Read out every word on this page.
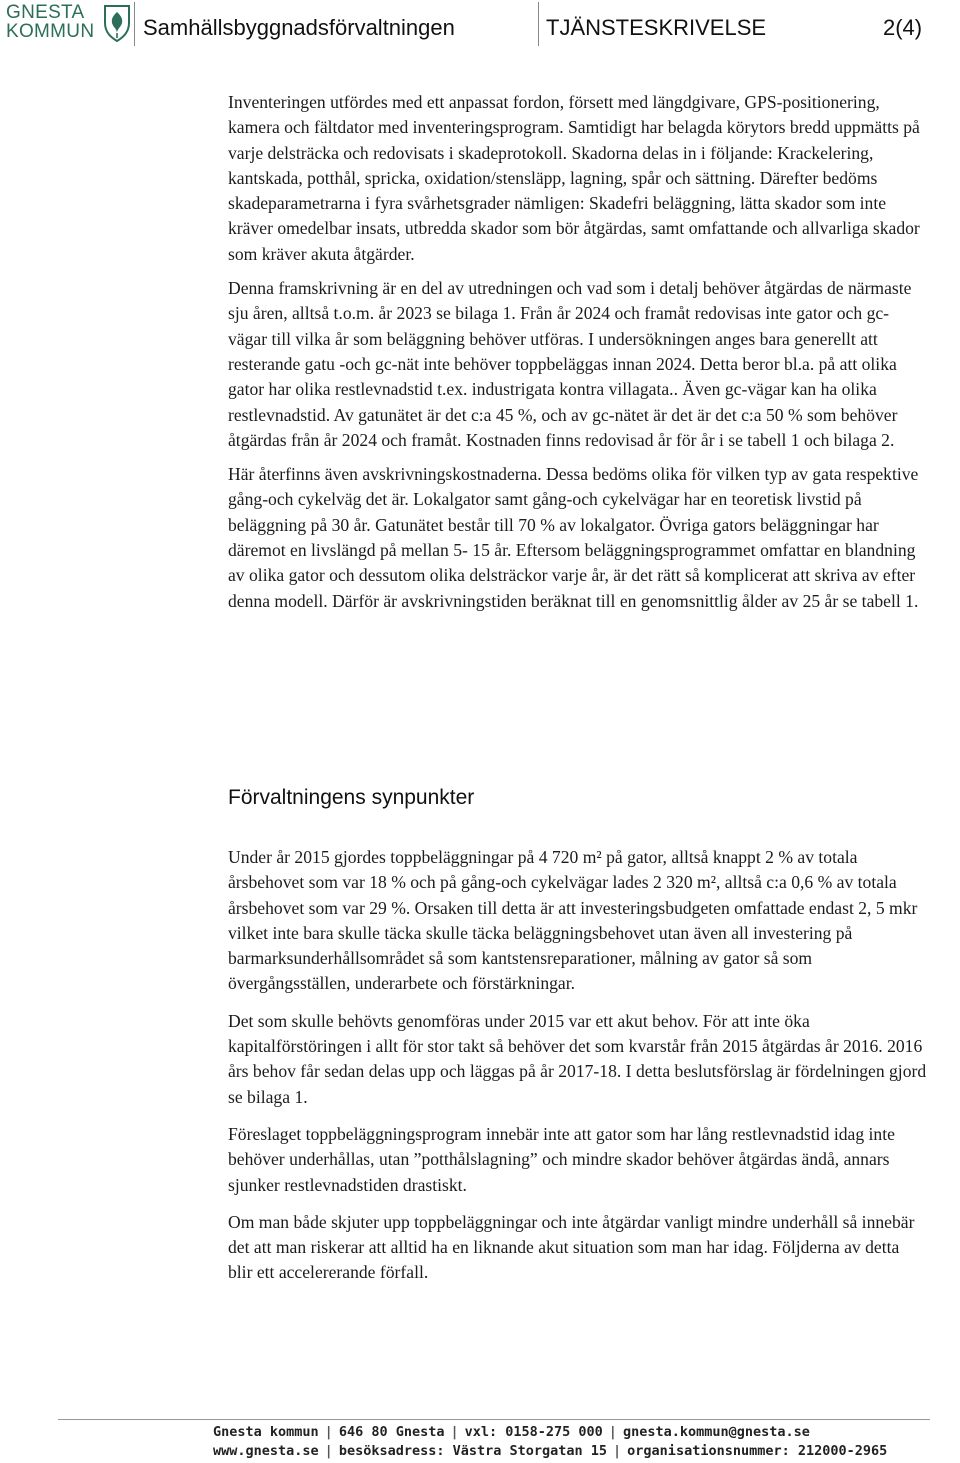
GNESTA
KOMMUN Samhällsbyggnadsförvaltningen	TJÄNSTESKRIVELSE	2(4)

Inventeringen utfördes med ett anpassat fordon, försett med längdgivare, GPS-positionering, kamera och fältdator med inventeringsprogram. Samtidigt har belagda körytors bredd uppmätts på varje delsträcka och redovisats i skadeprotokoll. Skadorna delas in i följande: Krackelering, kantskada, potthål, spricka, oxidation/stensläpp, lagning, spår och sättning. Därefter bedöms skadeparametrarna i fyra svårhetsgrader nämligen: Skadefri beläggning, lätta skador som inte kräver omedelbar insats, utbredda skador som bör åtgärdas, samt omfattande och allvarliga skador som kräver akuta åtgärder.

Denna framskrivning är en del av utredningen och vad som i detalj behöver åtgärdas de närmaste sju åren, alltså t.o.m. år 2023 se bilaga 1. Från år 2024 och framåt redovisas inte gator och gc-vägar till vilka år som beläggning behöver utföras. I undersökningen anges bara generellt att resterande gatu -och gc-nät inte behöver toppbeläggas innan 2024. Detta beror bl.a. på att olika gator har olika restlevnadstid t.ex. industrigata kontra villagata.. Även gc-vägar kan ha olika restlevnadstid. Av gatunätet är det c:a 45 %, och av gc-nätet är det är det c:a 50 % som behöver åtgärdas från år 2024 och framåt. Kostnaden finns redovisad år för år i se tabell 1 och bilaga 2.

Här återfinns även avskrivningskostnaderna. Dessa bedöms olika för vilken typ av gata respektive gång-och cykelväg det är. Lokalgator samt gång-och cykelvägar har en teoretisk livstid på beläggning på 30 år. Gatunätet består till 70 % av lokalgator. Övriga gators beläggningar har däremot en livslängd på mellan 5- 15 år. Eftersom beläggningsprogrammet omfattar en blandning av olika gator och dessutom olika delsträckor varje år, är det rätt så komplicerat att skriva av efter denna modell. Därför är avskrivningstiden beräknat till en genomsnittlig ålder av 25 år se tabell 1.

Förvaltningens synpunkter

Under år 2015 gjordes toppbeläggningar på 4 720 m² på gator, alltså knappt 2 % av totala årsbehovet som var 18 % och på gång-och cykelvägar lades 2 320 m², alltså c:a 0,6 % av totala årsbehovet som var 29 %. Orsaken till detta är att investeringsbudgeten omfattade endast 2, 5 mkr vilket inte bara skulle täcka skulle täcka beläggningsbehovet utan även all investering på barmarksunderhållsområdet så som kantstensreparationer, målning av gator så som övergångsställen, underarbete och förstärkningar.

Det som skulle behövts genomföras under 2015 var ett akut behov. För att inte öka kapitalförstöringen i allt för stor takt så behöver det som kvarstår från 2015 åtgärdas år 2016. 2016 års behov får sedan delas upp och läggas på år 2017-18. I detta beslutsförslag är fördelningen gjord se bilaga 1.

Föreslaget toppbeläggningsprogram innebär inte att gator som har lång restlevnadstid idag inte behöver underhållas, utan ”potthålslagning” och mindre skador behöver åtgärdas ändå, annars sjunker restlevnadstiden drastiskt.

Om man både skjuter upp toppbeläggningar och inte åtgärdar vanligt mindre underhåll så innebär det att man riskerar att alltid ha en liknande akut situation som man har idag. Följderna av detta blir ett accelererande förfall.

Gnesta kommun | 646 80 Gnesta | vxl: 0158-275 000 | gnesta.kommun@gnesta.se
www.gnesta.se | besöksadress: Västra Storgatan 15 | organisationsnummer: 212000-2965
